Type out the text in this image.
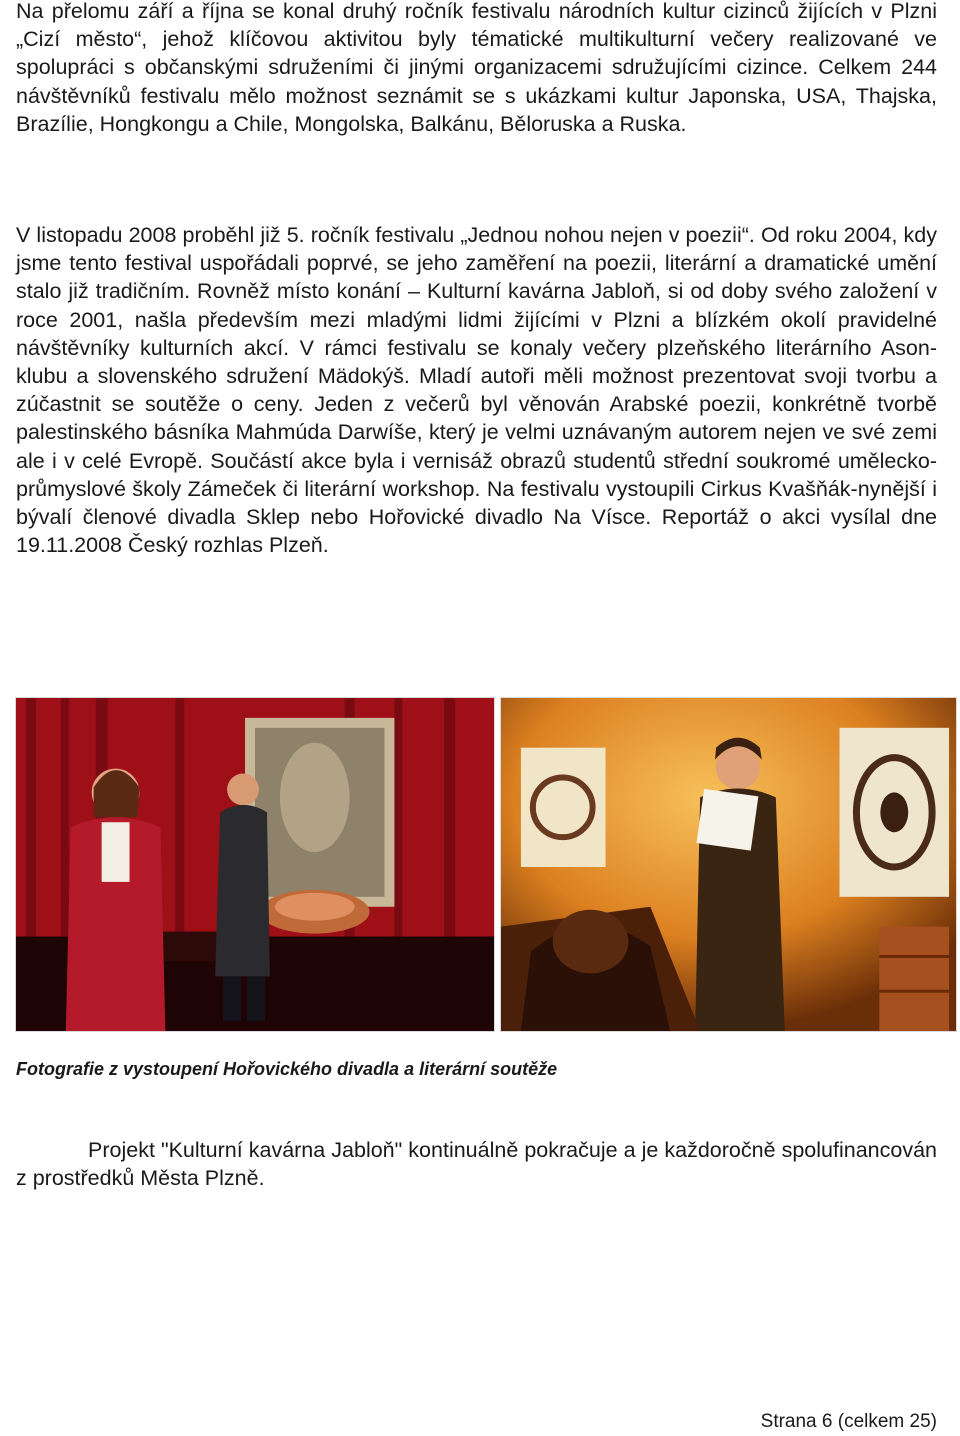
Na přelomu září a října se konal druhý ročník festivalu národních kultur cizinců žijících v Plzni „Cizí město“, jehož klíčovou aktivitou byly tématické multikulturní večery realizované ve spolupráci s občanskými sdruženími či jinými organizacemi sdružujícími cizince. Celkem 244 návštěvníků festivalu mělo možnost seznámit se s ukázkami kultur Japonska, USA, Thajska, Brazílie, Hongkongu a Chile, Mongolska, Balkánu, Běloruska a Ruska.

V listopadu 2008 proběhl již 5. ročník festivalu „Jednou nohou nejen v poezii“. Od roku 2004, kdy jsme tento festival uspořádali poprvé, se jeho zaměření na poezii, literární a dramatické umění stalo již tradičním. Rovněž místo konání – Kulturní kavárna Jabloň, si od doby svého založení v roce 2001, našla především mezi mladými lidmi žijícími v Plzni a blízkém okolí pravidelné návštěvníky kulturních akcí. V rámci festivalu se konaly večery plzeňského literárního Ason-klubu a slovenského sdružení Mädokýš. Mladí autoři měli možnost prezentovat svoji tvorbu a zúčastnit se soutěže o ceny. Jeden z večerů byl věnován Arabské poezii, konkrétně tvorbě palestinského básníka Mahmúda Darwíše, který je velmi uznávaným autorem nejen ve své zemi ale i v celé Evropě. Součástí akce byla i vernisáž obrazů studentů střední soukromé umělecko-průmyslové školy Zámeček či literární workshop. Na festivalu vystoupili Cirkus Kvašňák-nynější i bývalí členové divadla Sklep nebo Hořovické divadlo Na Vísce. Reportáž o akci vysílal dne 19.11.2008 Český rozhlas Plzeň.

Fotografie z vystoupení Hořovického divadla a literární soutěže

Projekt "Kulturní kavárna Jabloň" kontinuálně pokračuje a je každoročně spolufinancován z prostředků Města Plzně.

Strana 6 (celkem 25)
